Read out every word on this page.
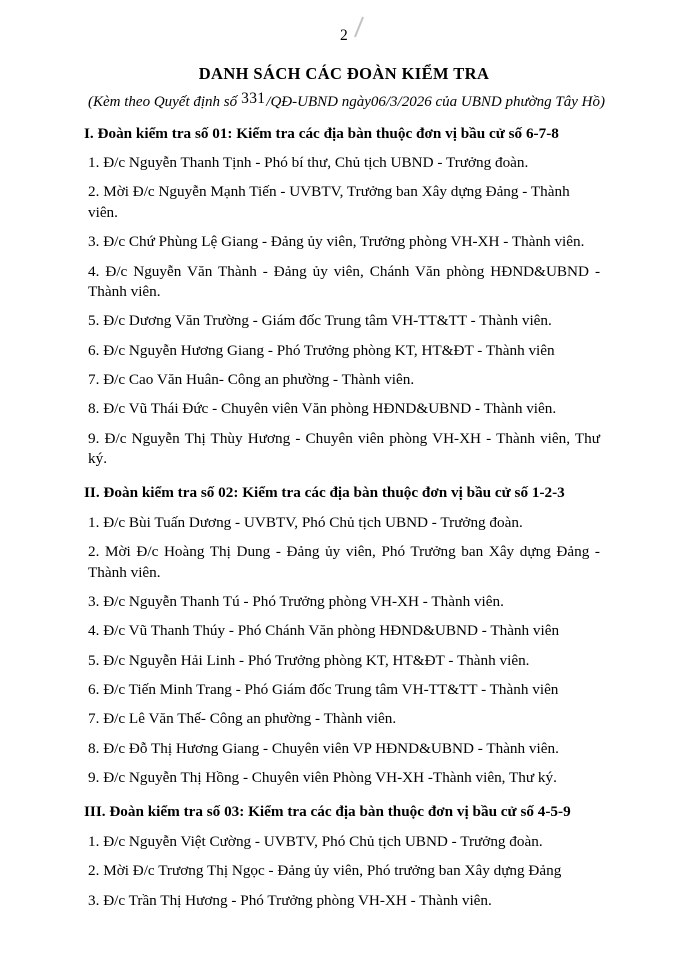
2
DANH SÁCH CÁC ĐOÀN KIỂM TRA
(Kèm theo Quyết định số 331/QĐ-UBND ngày06/3/2026 của UBND phường Tây Hồ)
I. Đoàn kiểm tra số 01: Kiểm tra các địa bàn thuộc đơn vị bầu cử số 6-7-8
1. Đ/c Nguyễn Thanh Tịnh - Phó bí thư, Chủ tịch UBND - Trưởng đoàn.
2. Mời Đ/c Nguyễn Mạnh Tiến - UVBTV, Trưởng ban Xây dựng Đảng - Thành viên.
3. Đ/c Chứ Phùng Lệ Giang - Đảng ủy viên, Trưởng phòng VH-XH - Thành viên.
4. Đ/c Nguyễn Văn Thành - Đảng ủy viên, Chánh Văn phòng HĐND&UBND - Thành viên.
5. Đ/c Dương Văn Trường - Giám đốc Trung tâm VH-TT&TT - Thành viên.
6. Đ/c Nguyễn Hương Giang - Phó Trưởng phòng KT, HT&ĐT - Thành viên
7. Đ/c Cao Văn Huân- Công an phường - Thành viên.
8. Đ/c Vũ Thái Đức - Chuyên viên Văn phòng HĐND&UBND - Thành viên.
9. Đ/c Nguyễn Thị Thùy Hương - Chuyên viên phòng VH-XH - Thành viên, Thư ký.
II. Đoàn kiểm tra số 02: Kiểm tra các địa bàn thuộc đơn vị bầu cử số 1-2-3
1. Đ/c Bùi Tuấn Dương - UVBTV, Phó Chủ tịch UBND - Trưởng đoàn.
2. Mời Đ/c Hoàng Thị Dung - Đảng ủy viên, Phó Trưởng ban Xây dựng Đảng - Thành viên.
3. Đ/c Nguyễn Thanh Tú - Phó Trưởng phòng VH-XH - Thành viên.
4. Đ/c Vũ Thanh Thúy - Phó Chánh Văn phòng HĐND&UBND - Thành viên
5. Đ/c Nguyễn Hải Linh - Phó Trưởng phòng KT, HT&ĐT - Thành viên.
6. Đ/c Tiến Minh Trang - Phó Giám đốc Trung tâm VH-TT&TT - Thành viên
7. Đ/c Lê Văn Thế- Công an phường - Thành viên.
8. Đ/c Đỗ Thị Hương Giang - Chuyên viên VP HĐND&UBND - Thành viên.
9. Đ/c Nguyễn Thị Hồng - Chuyên viên Phòng VH-XH -Thành viên, Thư ký.
III. Đoàn kiểm tra số 03: Kiểm tra các địa bàn thuộc đơn vị bầu cử số 4-5-9
1. Đ/c Nguyễn Việt Cường - UVBTV, Phó Chủ tịch UBND - Trưởng đoàn.
2. Mời Đ/c Trương Thị Ngọc - Đảng ủy viên, Phó trưởng ban Xây dựng Đảng
3. Đ/c Trần Thị Hương - Phó Trưởng phòng VH-XH - Thành viên.
